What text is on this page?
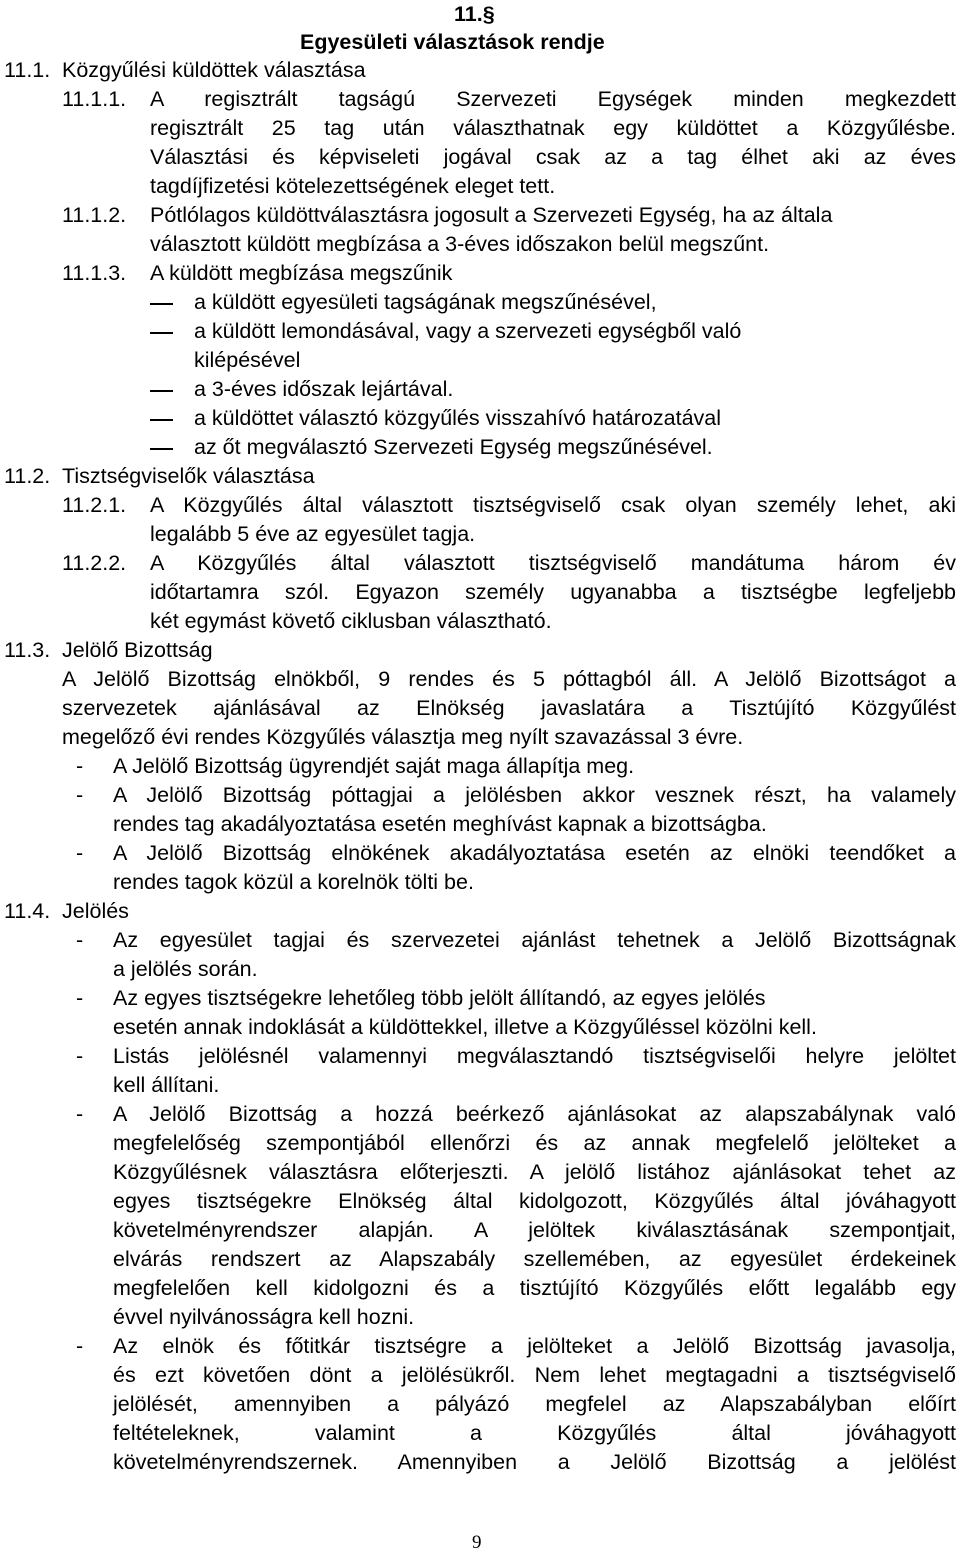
11.§
Egyesületi választások rendje
11.1. Közgyűlési küldöttek választása
11.1.1. A regisztrált tagságú Szervezeti Egységek minden megkezdett
regisztrált 25 tag után választhatnak egy küldöttet a Közgyűlésbe.
Választási és képviseleti jogával csak az a tag élhet aki az éves
tagdíjfizetési kötelezettségének eleget tett.
11.1.2. Pótlólagos küldöttválasztásra jogosult a Szervezeti Egység, ha az általa
választott küldött megbízása a 3-éves időszakon belül megszűnt.
11.1.3. A küldött megbízása megszűnik
a küldött egyesületi tagságának megszűnésével,
a küldött lemondásával, vagy a szervezeti egységből való
kilépésével
a 3-éves időszak lejártával.
a küldöttet választó közgyűlés visszahívó határozatával
az őt megválasztó Szervezeti Egység megszűnésével.
11.2. Tisztségviselők választása
11.2.1. A Közgyűlés által választott tisztségviselő csak olyan személy lehet, aki
legalább 5 éve az egyesület tagja.
11.2.2. A Közgyűlés által választott tisztségviselő mandátuma három év
időtartamra szól. Egyazon személy ugyanabba a tisztségbe legfeljebb
két egymást követő ciklusban választható.
11.3. Jelölő Bizottság
A Jelölő Bizottság elnökből, 9 rendes és 5 póttagból áll. A Jelölő Bizottságot a
szervezetek ajánlásával az Elnökség javaslatára a Tisztújító Közgyűlést
megelőző évi rendes Közgyűlés választja meg nyílt szavazással 3 évre.
- A Jelölő Bizottság ügyrendjét saját maga állapítja meg.
- A Jelölő Bizottság póttagjai a jelölésben akkor vesznek részt, ha valamely
rendes tag akadályoztatása esetén meghívást kapnak a bizottságba.
- A Jelölő Bizottság elnökének akadályoztatása esetén az elnöki teendőket a
rendes tagok közül a korelnök tölti be.
11.4. Jelölés
- Az egyesület tagjai és szervezetei ajánlást tehetnek a Jelölő Bizottságnak
a jelölés során.
- Az egyes tisztségekre lehetőleg több jelölt állítandó, az egyes jelölés
esetén annak indoklását a küldöttekkel, illetve a Közgyűléssel közölni kell.
- Listás jelölésnél valamennyi megválasztandó tisztségviselői helyre jelöltet
kell állítani.
- A Jelölő Bizottság a hozzá beérkező ajánlásokat az alapszabálynak való
megfelelőség szempontjából ellenőrzi és az annak megfelelő jelölteket a
Közgyűlésnek választásra előterjeszti. A jelölő listához ajánlásokat tehet az
egyes tisztségekre Elnökség által kidolgozott, Közgyűlés által jóváhagyott
követelményrendszer alapján. A jelöltek kiválasztásának szempontjait,
elvárás rendszert az Alapszabály szellemében, az egyesület érdekeinek
megfelelően kell kidolgozni és a tisztújító Közgyűlés előtt legalább egy
évvel nyilvánosságra kell hozni.
- Az elnök és főtitkár tisztségre a jelölteket a Jelölő Bizottság javasolja,
és ezt követően dönt a jelölésükről. Nem lehet megtagadni a tisztségviselő
jelölését, amennyiben a pályázó megfelel az Alapszabályban előírt
feltételeknek, valamint a Közgyűlés által jóváhagyott
követelményrendszernek. Amennyiben a Jelölő Bizottság a jelölést
9
